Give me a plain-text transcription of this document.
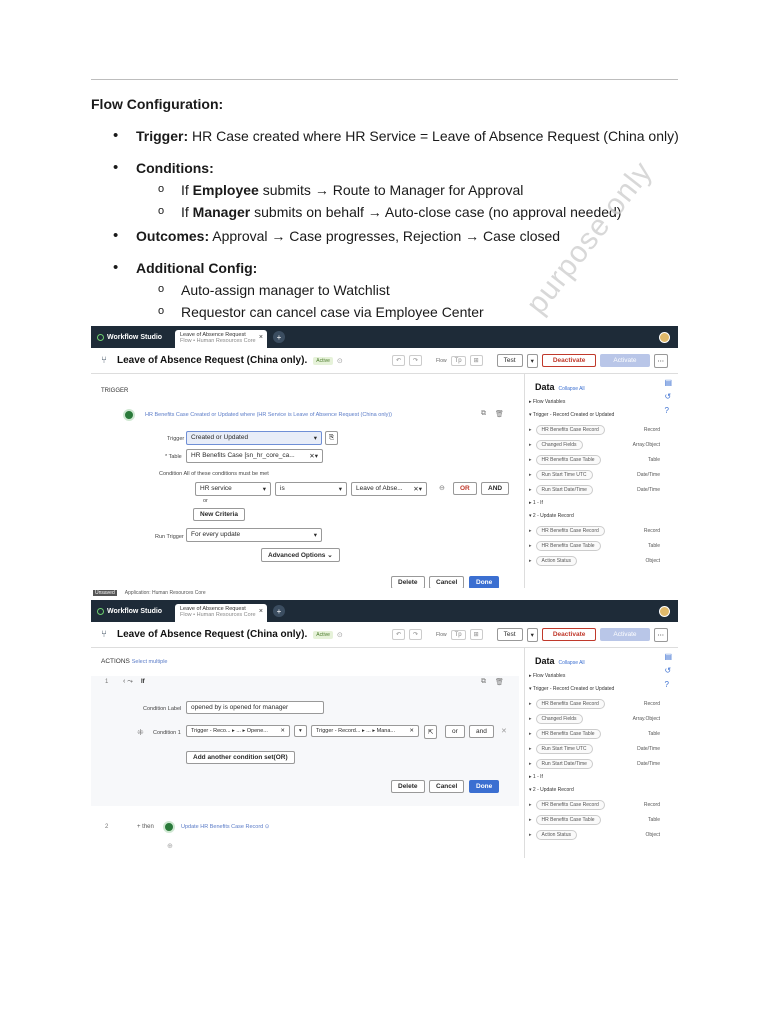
Flow Configuration:
• Trigger: HR Case created where HR Service = Leave of Absence Request (China only)
• Conditions:
o If Employee submits → Route to Manager for Approval
o If Manager submits on behalf → Auto-close case (no approval needed)
• Outcomes: Approval → Case progresses, Rejection → Case closed
• Additional Config:
o Auto-assign manager to Watchlist
o Requestor can cancel case via Employee Center	purpose only
Workflow Studio	Leave of Absence Request
Flow • Human Resources Core ×	+
⑂ Leave of Absence Request (China only).	Active	⊙	↶	↷	Flow	Tp	⊞	Test	▾	Deactivate	Activate	⋯
TRIGGER
HR Benefits Case Created or Updated where (HR Service is Leave of Absence Request (China only))	⧉ 🗑
Trigger	Created or Updated	▾	⎘
* Table	HR Benefits Case [sn_hr_core_ca... ✕▾
Condition All of these conditions must be met
HR service	▾	is	▾	Leave of Abse... ✕▾ ⊖	OR	AND
or
New Criteria
Run Trigger	For every update	▾
Advanced Options ⌄
Delete	Cancel	Done
Data Collapse All
▸ Flow Variables
▾ Trigger - Record Created or Updated
▸	HR Benefits Case Record	Record
▸	Changed Fields	Array.Object
▸	HR Benefits Case Table	Table
▸	Run Start Time UTC	Date/Time
▸	Run Start Date/Time	Date/Time
▸ 1 - If
▾ 2 - Update Record
▸	HR Benefits Case Record	Record
▸	HR Benefits Case Table	Table
▸	Action Status	Object
▤
↺
?
Unsaved	Application: Human Resources Core
Workflow Studio	Leave of Absence Request
Flow • Human Resources Core ×	+
⑂ Leave of Absence Request (China only).	Active	⊙	↶	↷	Flow	Tp	⊞	Test	▾	Deactivate	Activate	⋯
ACTIONS Select multiple
1 ‹ ⤳ If	⧉ 🗑
Condition Label	opened by is opened for manager
⁜ Condition 1	Trigger - Reco... ▸ ... ▸ Opene... ✕	▾	Trigger - Record... ▸ ... ▸ Mana...	✕	⇱	or	and	✕
Add another condition set(OR)
Delete	Cancel	Done
2	+ then	Update HR Benefits Case Record ⊙
⊕
Data Collapse All
▸ Flow Variables
▾ Trigger - Record Created or Updated
▸	HR Benefits Case Record	Record
▸	Changed Fields	Array.Object
▸	HR Benefits Case Table	Table
▸	Run Start Time UTC	Date/Time
▸	Run Start Date/Time	Date/Time
▸ 1 - If
▾ 2 - Update Record
▸	HR Benefits Case Record	Record
▸	HR Benefits Case Table	Table
▸	Action Status	Object
▤
↺
?
